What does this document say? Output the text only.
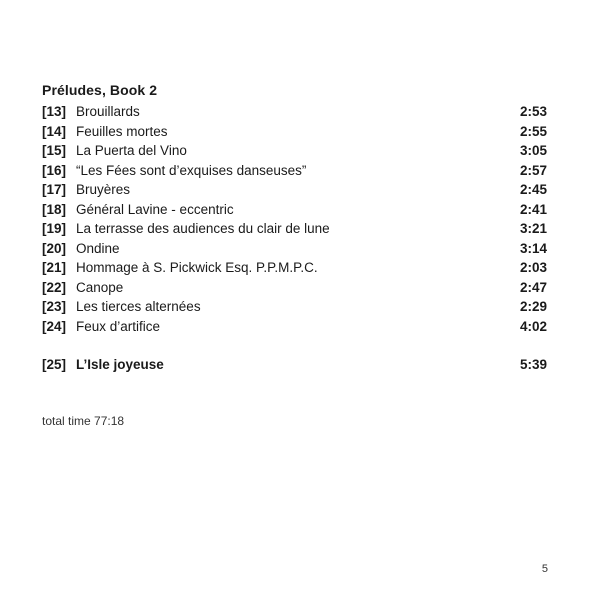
Préludes, Book 2
[13] Brouillards	2:53
[14] Feuilles mortes	2:55
[15] La Puerta del Vino	3:05
[16] “Les Fées sont d’exquises danseuses”	2:57
[17] Bruyères	2:45
[18] Général Lavine - eccentric	2:41
[19] La terrasse des audiences du clair de lune	3:21
[20] Ondine	3:14
[21] Hommage à S. Pickwick Esq. P.P.M.P.C.	2:03
[22] Canope	2:47
[23] Les tierces alternées	2:29
[24] Feux d’artifice	4:02
[25] L’Isle joyeuse	5:39
total time 77:18
5
